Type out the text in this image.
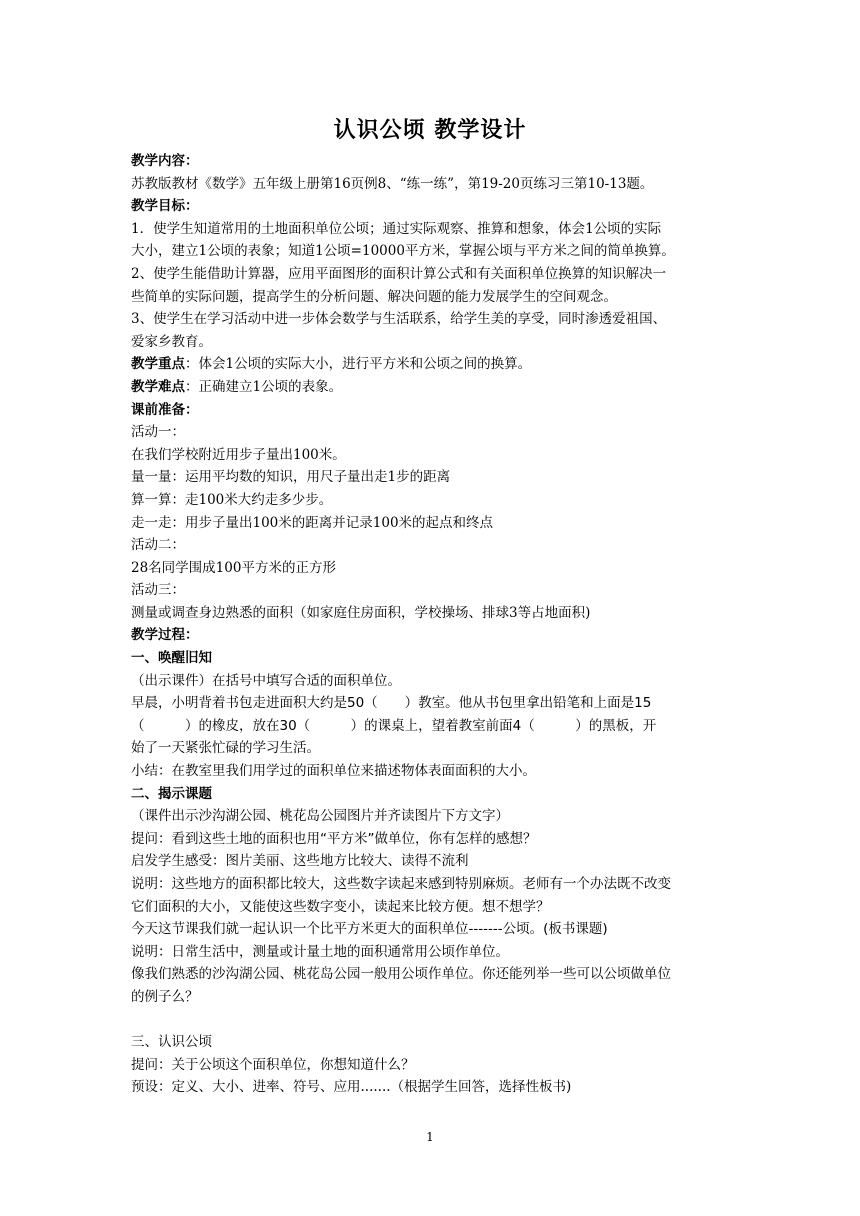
认识公顷 教学设计
教学内容：
苏教版教材《数学》五年级上册第16页例8、“练一练”，第19-20页练习三第10-13题。
教学目标：
1．使学生知道常用的土地面积单位公顷；通过实际观察、推算和想象，体会1公顷的实际
大小，建立1公顷的表象；知道1公顷=10000平方米，掌握公顷与平方米之间的简单换算。
2、使学生能借助计算器，应用平面图形的面积计算公式和有关面积单位换算的知识解决一
些简单的实际问题，提高学生的分析问题、解决问题的能力发展学生的空间观念。
3、使学生在学习活动中进一步体会数学与生活联系，给学生美的享受，同时渗透爱祖国、
爱家乡教育。
教学重点：体会1公顷的实际大小，进行平方米和公顷之间的换算。
教学难点：正确建立1公顷的表象。
课前准备：
活动一：
在我们学校附近用步子量出100米。
量一量：运用平均数的知识，用尺子量出走1步的距离
算一算：走100米大约走多少步。
走一走：用步子量出100米的距离并记录100米的起点和终点
活动二：
28名同学围成100平方米的正方形
活动三：
测量或调查身边熟悉的面积（如家庭住房面积，学校操场、排球3等占地面积)
教学过程：
一、唤醒旧知
（出示课件）在括号中填写合适的面积单位。
早晨，小明背着书包走进面积大约是50（　　）教室。他从书包里拿出铅笔和上面是15
（　　　）的橡皮，放在30（　　　）的课桌上，望着教室前面4（　　　）的黑板，开
始了一天紧张忙碌的学习生活。
小结：在教室里我们用学过的面积单位来描述物体表面面积的大小。
二、揭示课题
（课件出示沙沟湖公园、桃花岛公园图片并齐读图片下方文字）
提问：看到这些土地的面积也用“平方米”做单位，你有怎样的感想？
启发学生感受：图片美丽、这些地方比较大、读得不流利
说明：这些地方的面积都比较大，这些数字读起来感到特别麻烦。老师有一个办法既不改变
它们面积的大小，又能使这些数字变小，读起来比较方便。想不想学？
今天这节课我们就一起认识一个比平方米更大的面积单位-------公顷。(板书课题)
说明：日常生活中，测量或计量土地的面积通常用公顷作单位。
像我们熟悉的沙沟湖公园、桃花岛公园一般用公顷作单位。你还能列举一些可以公顷做单位
的例子么？
三、认识公顷
提问：关于公顷这个面积单位，你想知道什么？
预设：定义、大小、进率、符号、应用.......（根据学生回答，选择性板书)
1
